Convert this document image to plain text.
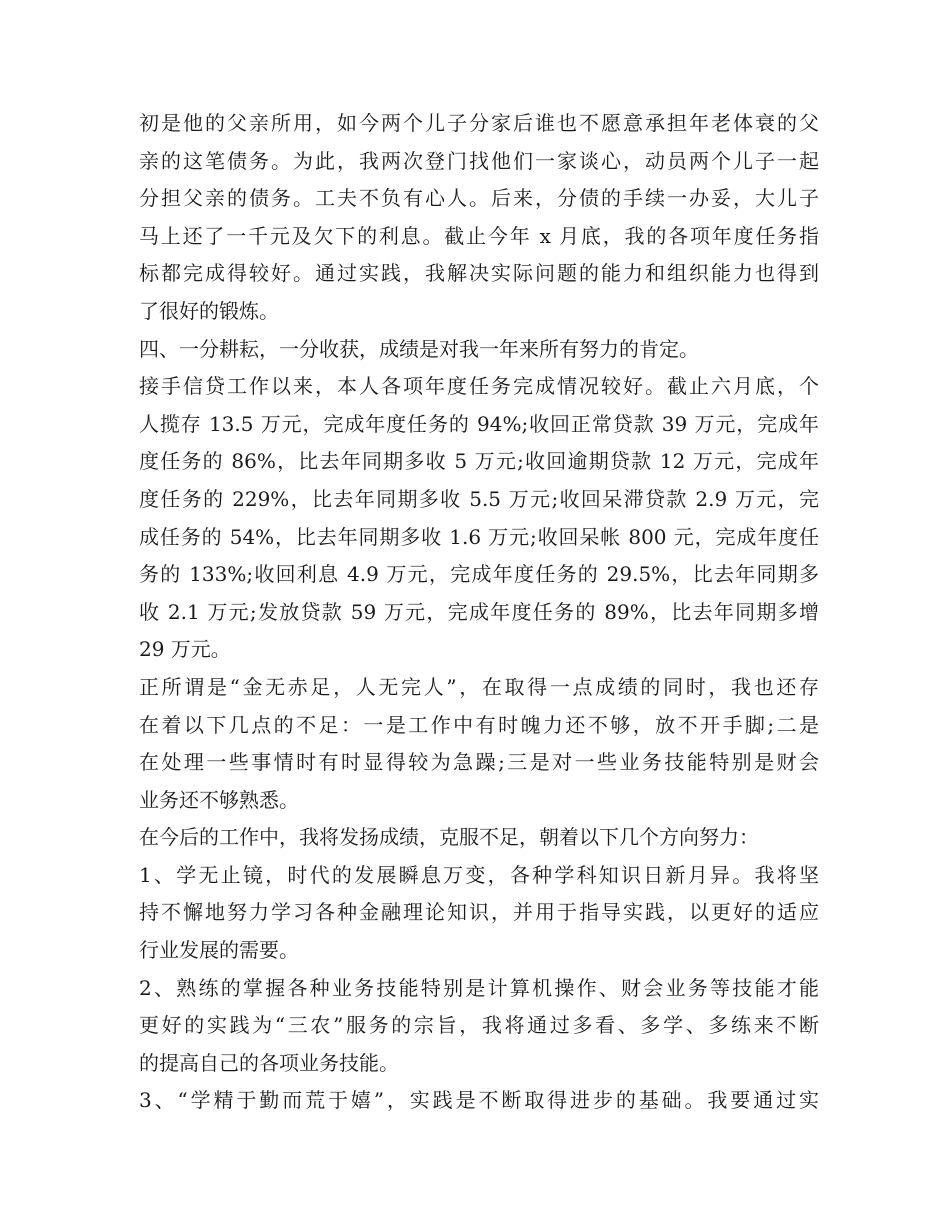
初是他的父亲所用，如今两个儿子分家后谁也不愿意承担年老体衰的父
亲的这笔债务。为此，我两次登门找他们一家谈心，动员两个儿子一起
分担父亲的债务。工夫不负有心人。后来，分债的手续一办妥，大儿子
马上还了一千元及欠下的利息。截止今年 x 月底，我的各项年度任务指
标都完成得较好。通过实践，我解决实际问题的能力和组织能力也得到
了很好的锻炼。
四、一分耕耘，一分收获，成绩是对我一年来所有努力的肯定。
接手信贷工作以来，本人各项年度任务完成情况较好。截止六月底，个
人揽存 13.5 万元，完成年度任务的 94%;收回正常贷款 39 万元，完成年
度任务的 86%，比去年同期多收 5 万元;收回逾期贷款 12 万元，完成年
度任务的 229%，比去年同期多收 5.5 万元;收回呆滞贷款 2.9 万元，完
成任务的 54%，比去年同期多收 1.6 万元;收回呆帐 800 元，完成年度任
务的 133%;收回利息 4.9 万元，完成年度任务的 29.5%，比去年同期多
收 2.1 万元;发放贷款 59 万元，完成年度任务的 89%，比去年同期多增
29 万元。
正所谓是“金无赤足，人无完人”，在取得一点成绩的同时，我也还存
在着以下几点的不足：一是工作中有时魄力还不够，放不开手脚;二是
在处理一些事情时有时显得较为急躁;三是对一些业务技能特别是财会
业务还不够熟悉。
在今后的工作中，我将发扬成绩，克服不足，朝着以下几个方向努力：
1、学无止镜，时代的发展瞬息万变，各种学科知识日新月异。我将坚
持不懈地努力学习各种金融理论知识，并用于指导实践，以更好的适应
行业发展的需要。
2、熟练的掌握各种业务技能特别是计算机操作、财会业务等技能才能
更好的实践为“三农”服务的宗旨，我将通过多看、多学、多练来不断
的提高自己的各项业务技能。
3、“学精于勤而荒于嬉”，实践是不断取得进步的基础。我要通过实
